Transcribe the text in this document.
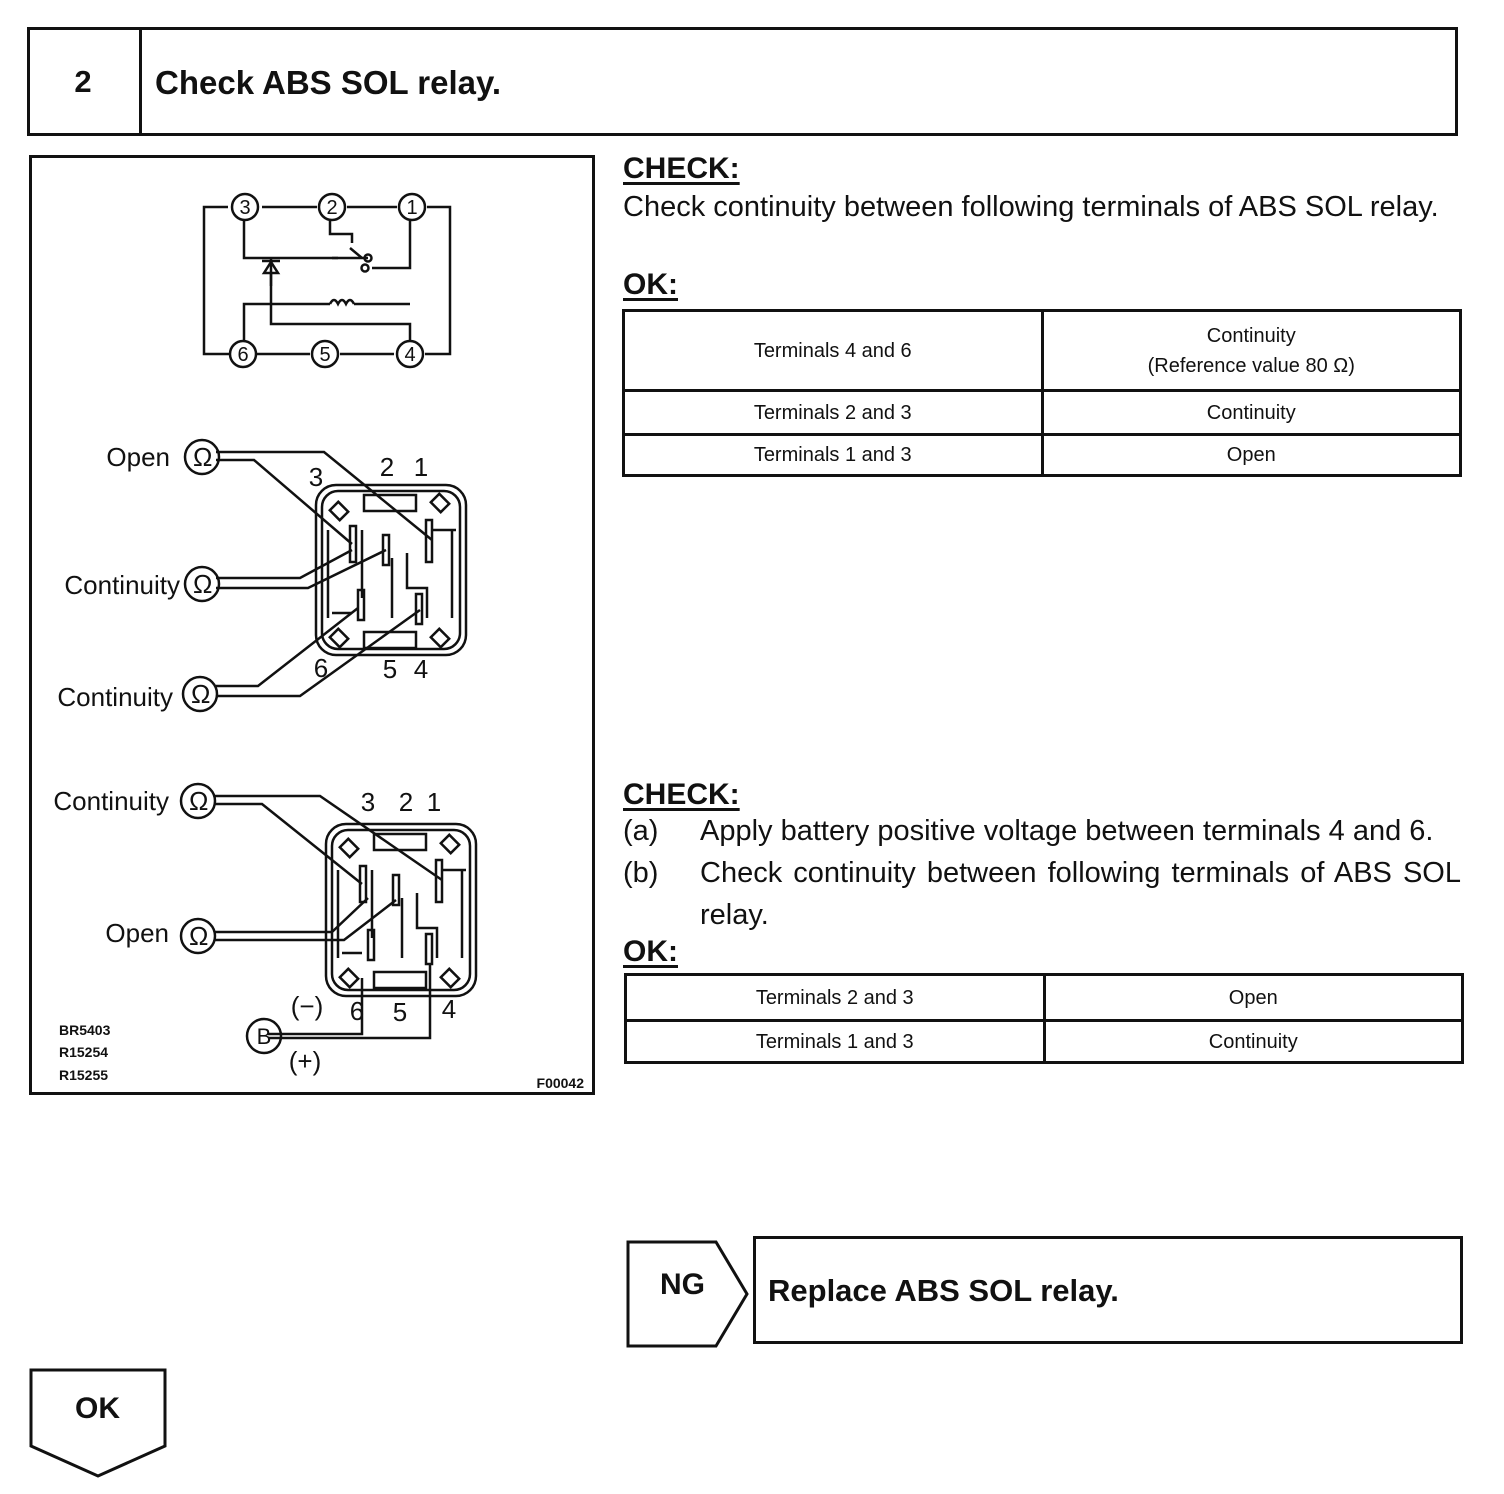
2	Check ABS SOL relay.
3	2	1
6	5	4
Ω
Ω
Ω
Open
Continuity
Continuity
3 2 1
6 5 4
Ω
Ω
Continuity
Open
3 2 1
6 5 4
(−)
(+)
B
BR5403
R15254
R15255	F00042
CHECK:
Check continuity between following terminals of ABS SOL relay.
OK:
Terminals 4 and 6	Continuity
(Reference value 80 Ω)

Terminals 2 and 3	Continuity
Terminals 1 and 3	Open
CHECK:
(a)	Apply battery positive voltage between terminals 4 and 6.
(b)	Check continuity between following terminals of ABS SOL relay.
OK:
Terminals 2 and 3	Open
Terminals 1 and 3	Continuity
NG	Replace ABS SOL relay.
OK
